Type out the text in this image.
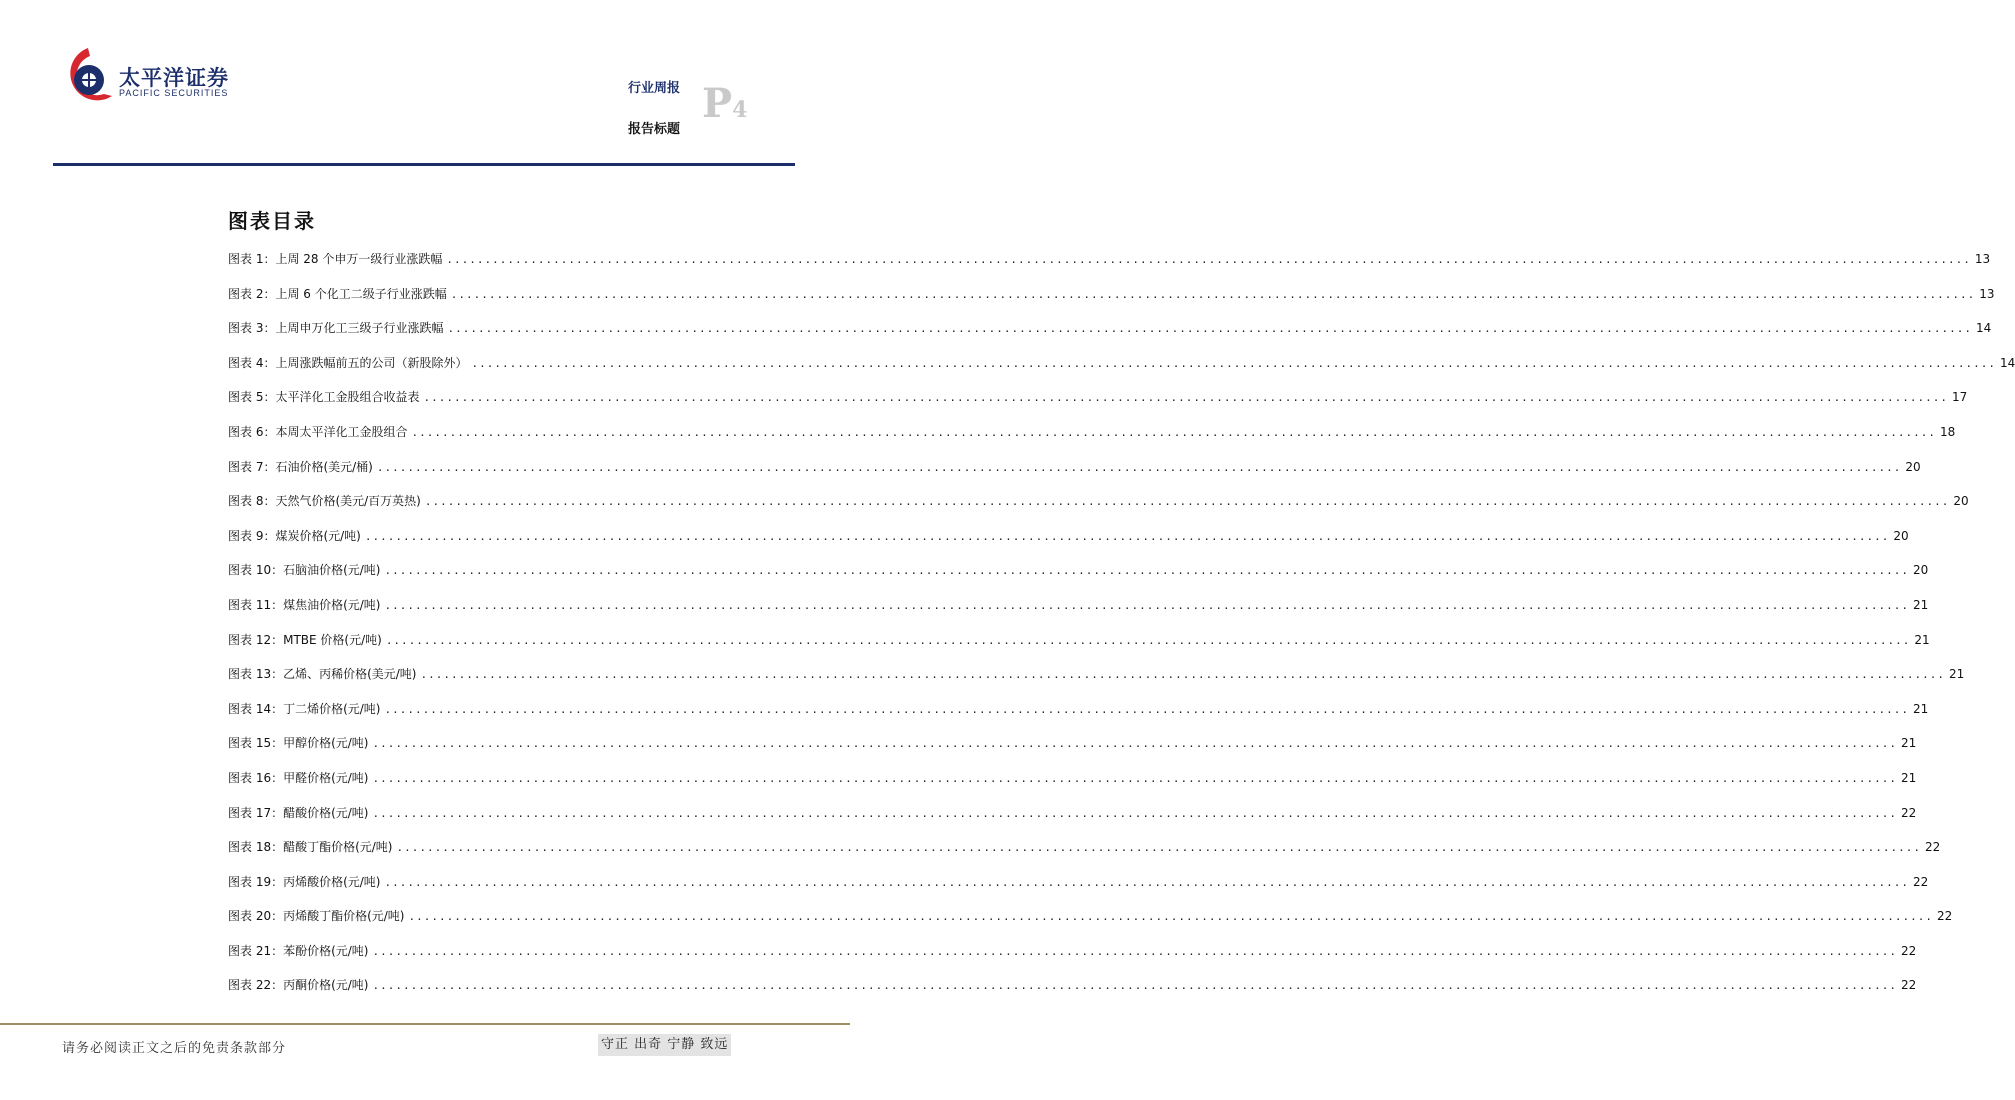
太平洋证券
PACIFIC SECURITIES	行业周报
报告标题
P4
图表目录
图表 1：上周 28 个申万一级行业涨跌幅 ........................................................................................................................................................................................................ 13
图表 2：上周 6 个化工二级子行业涨跌幅 ........................................................................................................................................................................................................ 13
图表 3：上周申万化工三级子行业涨跌幅 ........................................................................................................................................................................................................ 14
图表 4：上周涨跌幅前五的公司（新股除外） ........................................................................................................................................................................................................ 14
图表 5：太平洋化工金股组合收益表 ........................................................................................................................................................................................................ 17
图表 6：本周太平洋化工金股组合 ........................................................................................................................................................................................................ 18
图表 7：石油价格(美元/桶) ........................................................................................................................................................................................................ 20
图表 8：天然气价格(美元/百万英热) ........................................................................................................................................................................................................ 20
图表 9：煤炭价格(元/吨) ........................................................................................................................................................................................................ 20
图表 10：石脑油价格(元/吨) ........................................................................................................................................................................................................ 20
图表 11：煤焦油价格(元/吨) ........................................................................................................................................................................................................ 21
图表 12：MTBE 价格(元/吨) ........................................................................................................................................................................................................ 21
图表 13：乙烯、丙稀价格(美元/吨) ........................................................................................................................................................................................................ 21
图表 14：丁二烯价格(元/吨) ........................................................................................................................................................................................................ 21
图表 15：甲醇价格(元/吨) ........................................................................................................................................................................................................ 21
图表 16：甲醛价格(元/吨) ........................................................................................................................................................................................................ 21
图表 17：醋酸价格(元/吨) ........................................................................................................................................................................................................ 22
图表 18：醋酸丁酯价格(元/吨) ........................................................................................................................................................................................................ 22
图表 19：丙烯酸价格(元/吨) ........................................................................................................................................................................................................ 22
图表 20：丙烯酸丁酯价格(元/吨) ........................................................................................................................................................................................................ 22
图表 21：苯酚价格(元/吨) ........................................................................................................................................................................................................ 22
图表 22：丙酮价格(元/吨) ........................................................................................................................................................................................................ 22
请务必阅读正文之后的免责条款部分	守正 出奇 宁静 致远
